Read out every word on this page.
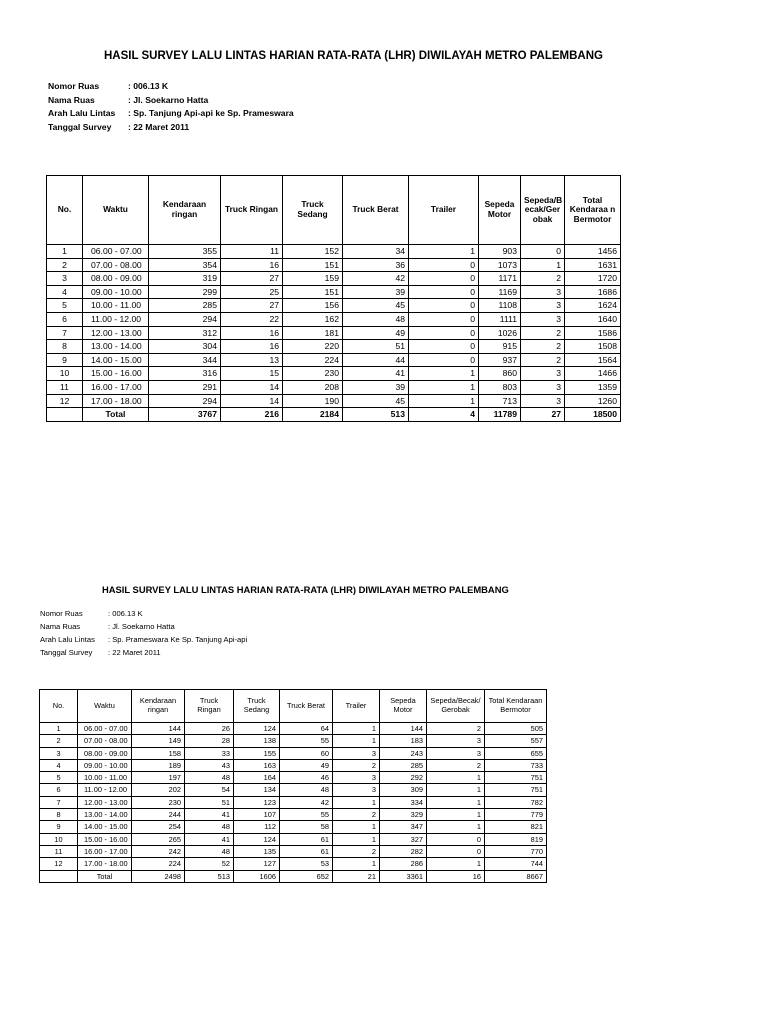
HASIL SURVEY LALU LINTAS HARIAN RATA-RATA (LHR) DIWILAYAH METRO PALEMBANG
Nomor Ruas	: 006.13 K
Nama Ruas	: Jl. Soekarno Hatta
Arah Lalu Lintas : Sp. Tanjung Api-api ke Sp. Prameswara
Tanggal Survey : 22 Maret 2011
No.	Waktu	Kendaraan ringan	Truck Ringan	Truck Sedang	Truck Berat	Trailer	Sepeda Motor	Sepeda/B ecak/Ger obak	Total Kendaraa n Bermotor
1	06.00 - 07.00	355	11	152	34	1	903	0	1456
2	07.00 - 08.00	354	16	151	36	0	1073	1	1631
3	08.00 - 09.00	319	27	159	42	0	1171	2	1720
4	09.00 - 10.00	299	25	151	39	0	1169	3	1686
5	10.00 - 11.00	285	27	156	45	0	1108	3	1624
6	11.00 - 12.00	294	22	162	48	0	1111	3	1640
7	12.00 - 13.00	312	16	181	49	0	1026	2	1586
8	13.00 - 14.00	304	16	220	51	0	915	2	1508
9	14.00 - 15.00	344	13	224	44	0	937	2	1564
10	15.00 - 16.00	316	15	230	41	1	860	3	1466
11	16.00 - 17.00	291	14	208	39	1	803	3	1359
12	17.00 - 18.00	294	14	190	45	1	713	3	1260
	Total	3767	216	2184	513	4	11789	27	18500
HASIL SURVEY LALU LINTAS HARIAN RATA-RATA (LHR) DIWILAYAH METRO PALEMBANG
Nomor Ruas	: 006.13 K
Nama Ruas	: Jl. Soekarno Hatta
Arah Lalu Lintas : Sp. Prameswara Ke Sp. Tanjung Api-api
Tanggal Survey : 22 Maret 2011
No.	Waktu	Kendaraan ringan	Truck Ringan	Truck Sedang	Truck Berat	Trailer	Sepeda Motor	Sepeda/Becak/ Gerobak	Total Kendaraan Bermotor
1	06.00 - 07.00	144	26	124	64	1	144	2	505
2	07.00 - 08.00	149	28	138	55	1	183	3	557
3	08.00 - 09.00	158	33	155	60	3	243	3	655
4	09.00 - 10.00	189	43	163	49	2	285	2	733
5	10.00 - 11.00	197	48	164	46	3	292	1	751
6	11.00 - 12.00	202	54	134	48	3	309	1	751
7	12.00 - 13.00	230	51	123	42	1	334	1	782
8	13.00 - 14.00	244	41	107	55	2	329	1	779
9	14.00 - 15.00	254	48	112	58	1	347	1	821
10	15.00 - 16.00	265	41	124	61	1	327	0	819
11	16.00 - 17.00	242	48	135	61	2	282	0	770
12	17.00 - 18.00	224	52	127	53	1	286	1	744
	Total	2498	513	1606	652	21	3361	16	8667
